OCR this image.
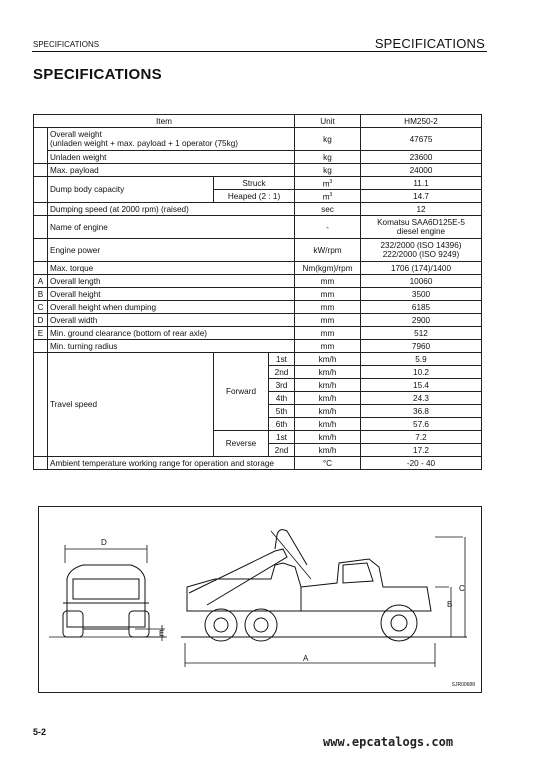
SPECIFICATIONS	SPECIFICATIONS
SPECIFICATIONS
Item				Unit	HM250-2
	Overall weight
(unladen weight + max. payload + 1 operator (75kg)			kg	47675
	Unladen weight			kg	23600
	Max. payload			kg	24000
	Dump body capacity	Struck		$m^3$	11.1
		Heaped (2 : 1)		$m^3$	14.7
	Dumping speed (at 2000 rpm) (raised)			sec	12
	Name of engine			-	Komatsu SAA6D125E-5
diesel engine
	Engine power			kW/rpm	232/2000 (ISO 14396)
222/2000 (ISO 9249)
	Max. torque			Nm(kgm)/rpm	1706 (174)/1400
A	Overall length			mm	10060
B	Overall height			mm	3500
C	Overall height when dumping			mm	6185
D	Overall width			mm	2900
E	Min. ground clearance (bottom of rear axle)			mm	512
	Min. turning radius			mm	7960
	Travel speed	Forward	1st	km/h	5.9
			2nd	km/h	10.2
			3rd	km/h	15.4
			4th	km/h	24.3
			5th	km/h	36.8
			6th	km/h	57.6
		Reverse	1st	km/h	7.2
			2nd	km/h	17.2
	Ambient temperature working range for operation and storage			°C	-20 - 40
D
E
B
C
A
SJR00688
5-2
www.epcatalogs.com
